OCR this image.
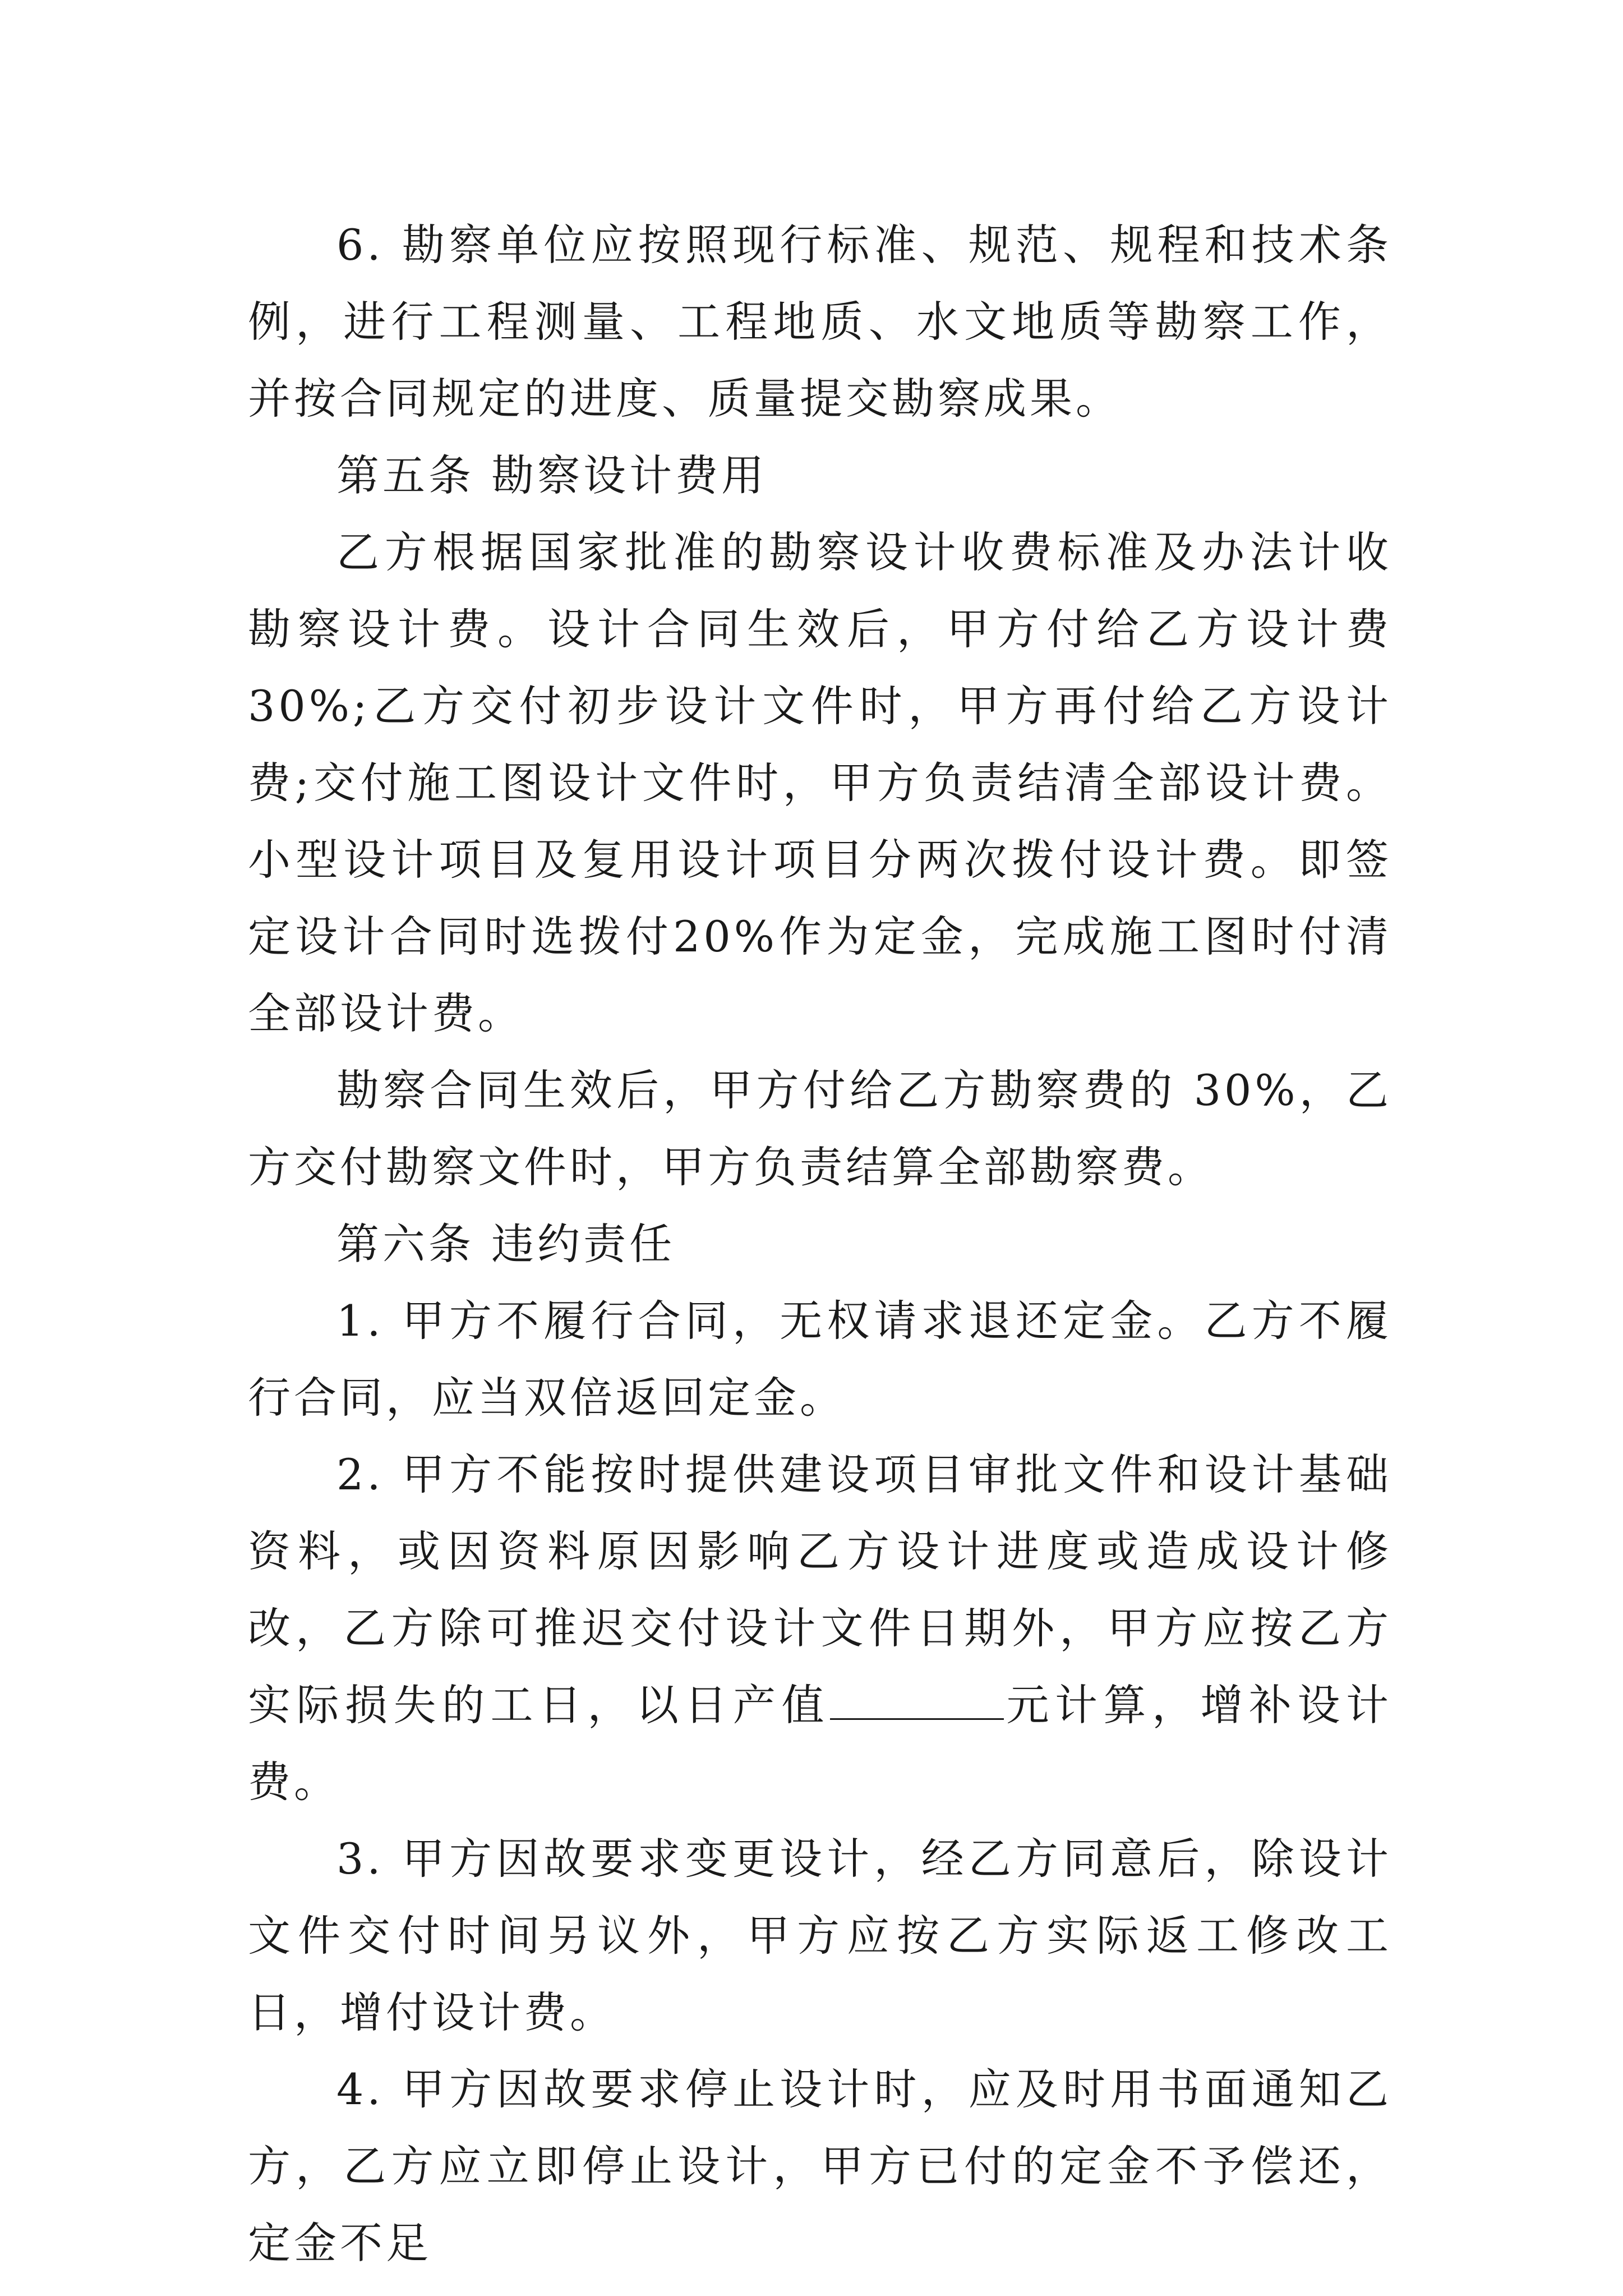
6. 勘察单位应按照现行标准、规范、规程和技术条例，进行工程测量、工程地质、水文地质等勘察工作，并按合同规定的进度、质量提交勘察成果。

第五条 勘察设计费用

乙方根据国家批准的勘察设计收费标准及办法计收勘察设计费。设计合同生效后，甲方付给乙方设计费 30%;乙方交付初步设计文件时，甲方再付给乙方设计费;交付施工图设计文件时，甲方负责结清全部设计费。小型设计项目及复用设计项目分两次拨付设计费。即签定设计合同时选拨付20%作为定金，完成施工图时付清全部设计费。

勘察合同生效后，甲方付给乙方勘察费的 30%，乙方交付勘察文件时，甲方负责结算全部勘察费。

第六条 违约责任

1. 甲方不履行合同，无权请求退还定金。乙方不履行合同，应当双倍返回定金。

2. 甲方不能按时提供建设项目审批文件和设计基础资料，或因资料原因影响乙方设计进度或造成设计修改，乙方除可推迟交付设计文件日期外，甲方应按乙方实际损失的工日，以日产值	元计算，增补设计费。

3. 甲方因故要求变更设计，经乙方同意后，除设计文件交付时间另议外，甲方应按乙方实际返工修改工日，增付设计费。

4. 甲方因故要求停止设计时，应及时用书面通知乙方，乙方应立即停止设计，甲方已付的定金不予偿还，定金不足
